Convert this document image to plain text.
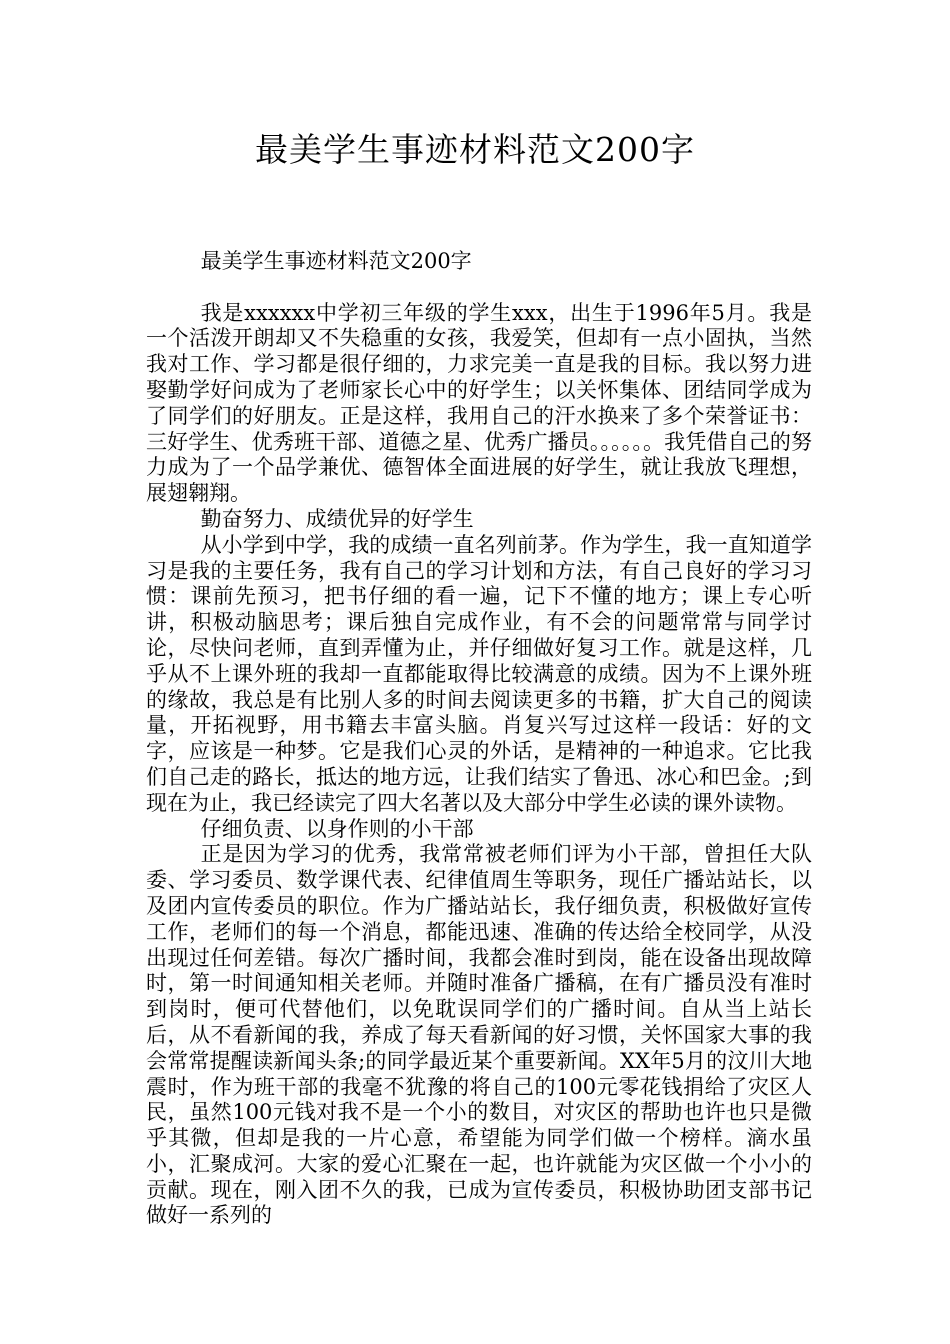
最美学生事迹材料范文200字

最美学生事迹材料范文200字

我是xxxxxx中学初三年级的学生xxx，出生于1996年5月。我是一个活泼开朗却又不失稳重的女孩，我爱笑，但却有一点小固执，当然我对工作、学习都是很仔细的，力求完美一直是我的目标。我以努力进娶勤学好问成为了老师家长心中的好学生；以关怀集体、团结同学成为了同学们的好朋友。正是这样，我用自己的汗水换来了多个荣誉证书：三好学生、优秀班干部、道德之星、优秀广播员。。。。。。我凭借自己的努力成为了一个品学兼优、德智体全面进展的好学生，就让我放飞理想，展翅翱翔。

勤奋努力、成绩优异的好学生

从小学到中学，我的成绩一直名列前茅。作为学生，我一直知道学习是我的主要任务，我有自己的学习计划和方法，有自己良好的学习习惯：课前先预习，把书仔细的看一遍，记下不懂的地方；课上专心听讲，积极动脑思考；课后独自完成作业，有不会的问题常常与同学讨论，尽快问老师，直到弄懂为止，并仔细做好复习工作。就是这样，几乎从不上课外班的我却一直都能取得比较满意的成绩。因为不上课外班的缘故，我总是有比别人多的时间去阅读更多的书籍，扩大自己的阅读量，开拓视野，用书籍去丰富头脑。肖复兴写过这样一段话：好的文字，应该是一种梦。它是我们心灵的外话，是精神的一种追求。它比我们自己走的路长，抵达的地方远，让我们结实了鲁迅、冰心和巴金。;到现在为止，我已经读完了四大名著以及大部分中学生必读的课外读物。

仔细负责、以身作则的小干部

正是因为学习的优秀，我常常被老师们评为小干部，曾担任大队委、学习委员、数学课代表、纪律值周生等职务，现任广播站站长，以及团内宣传委员的职位。作为广播站站长，我仔细负责，积极做好宣传工作，老师们的每一个消息，都能迅速、准确的传达给全校同学，从没出现过任何差错。每次广播时间，我都会准时到岗，能在设备出现故障时，第一时间通知相关老师。并随时准备广播稿，在有广播员没有准时到岗时，便可代替他们，以免耽误同学们的广播时间。自从当上站长后，从不看新闻的我，养成了每天看新闻的好习惯，关怀国家大事的我会常常提醒读新闻头条;的同学最近某个重要新闻。XX年5月的汶川大地震时，作为班干部的我毫不犹豫的将自己的100元零花钱捐给了灾区人民，虽然100元钱对我不是一个小的数目，对灾区的帮助也许也只是微乎其微，但却是我的一片心意，希望能为同学们做一个榜样。滴水虽小，汇聚成河。大家的爱心汇聚在一起，也许就能为灾区做一个小小的贡献。现在，刚入团不久的我，已成为宣传委员，积极协助团支部书记做好一系列的
